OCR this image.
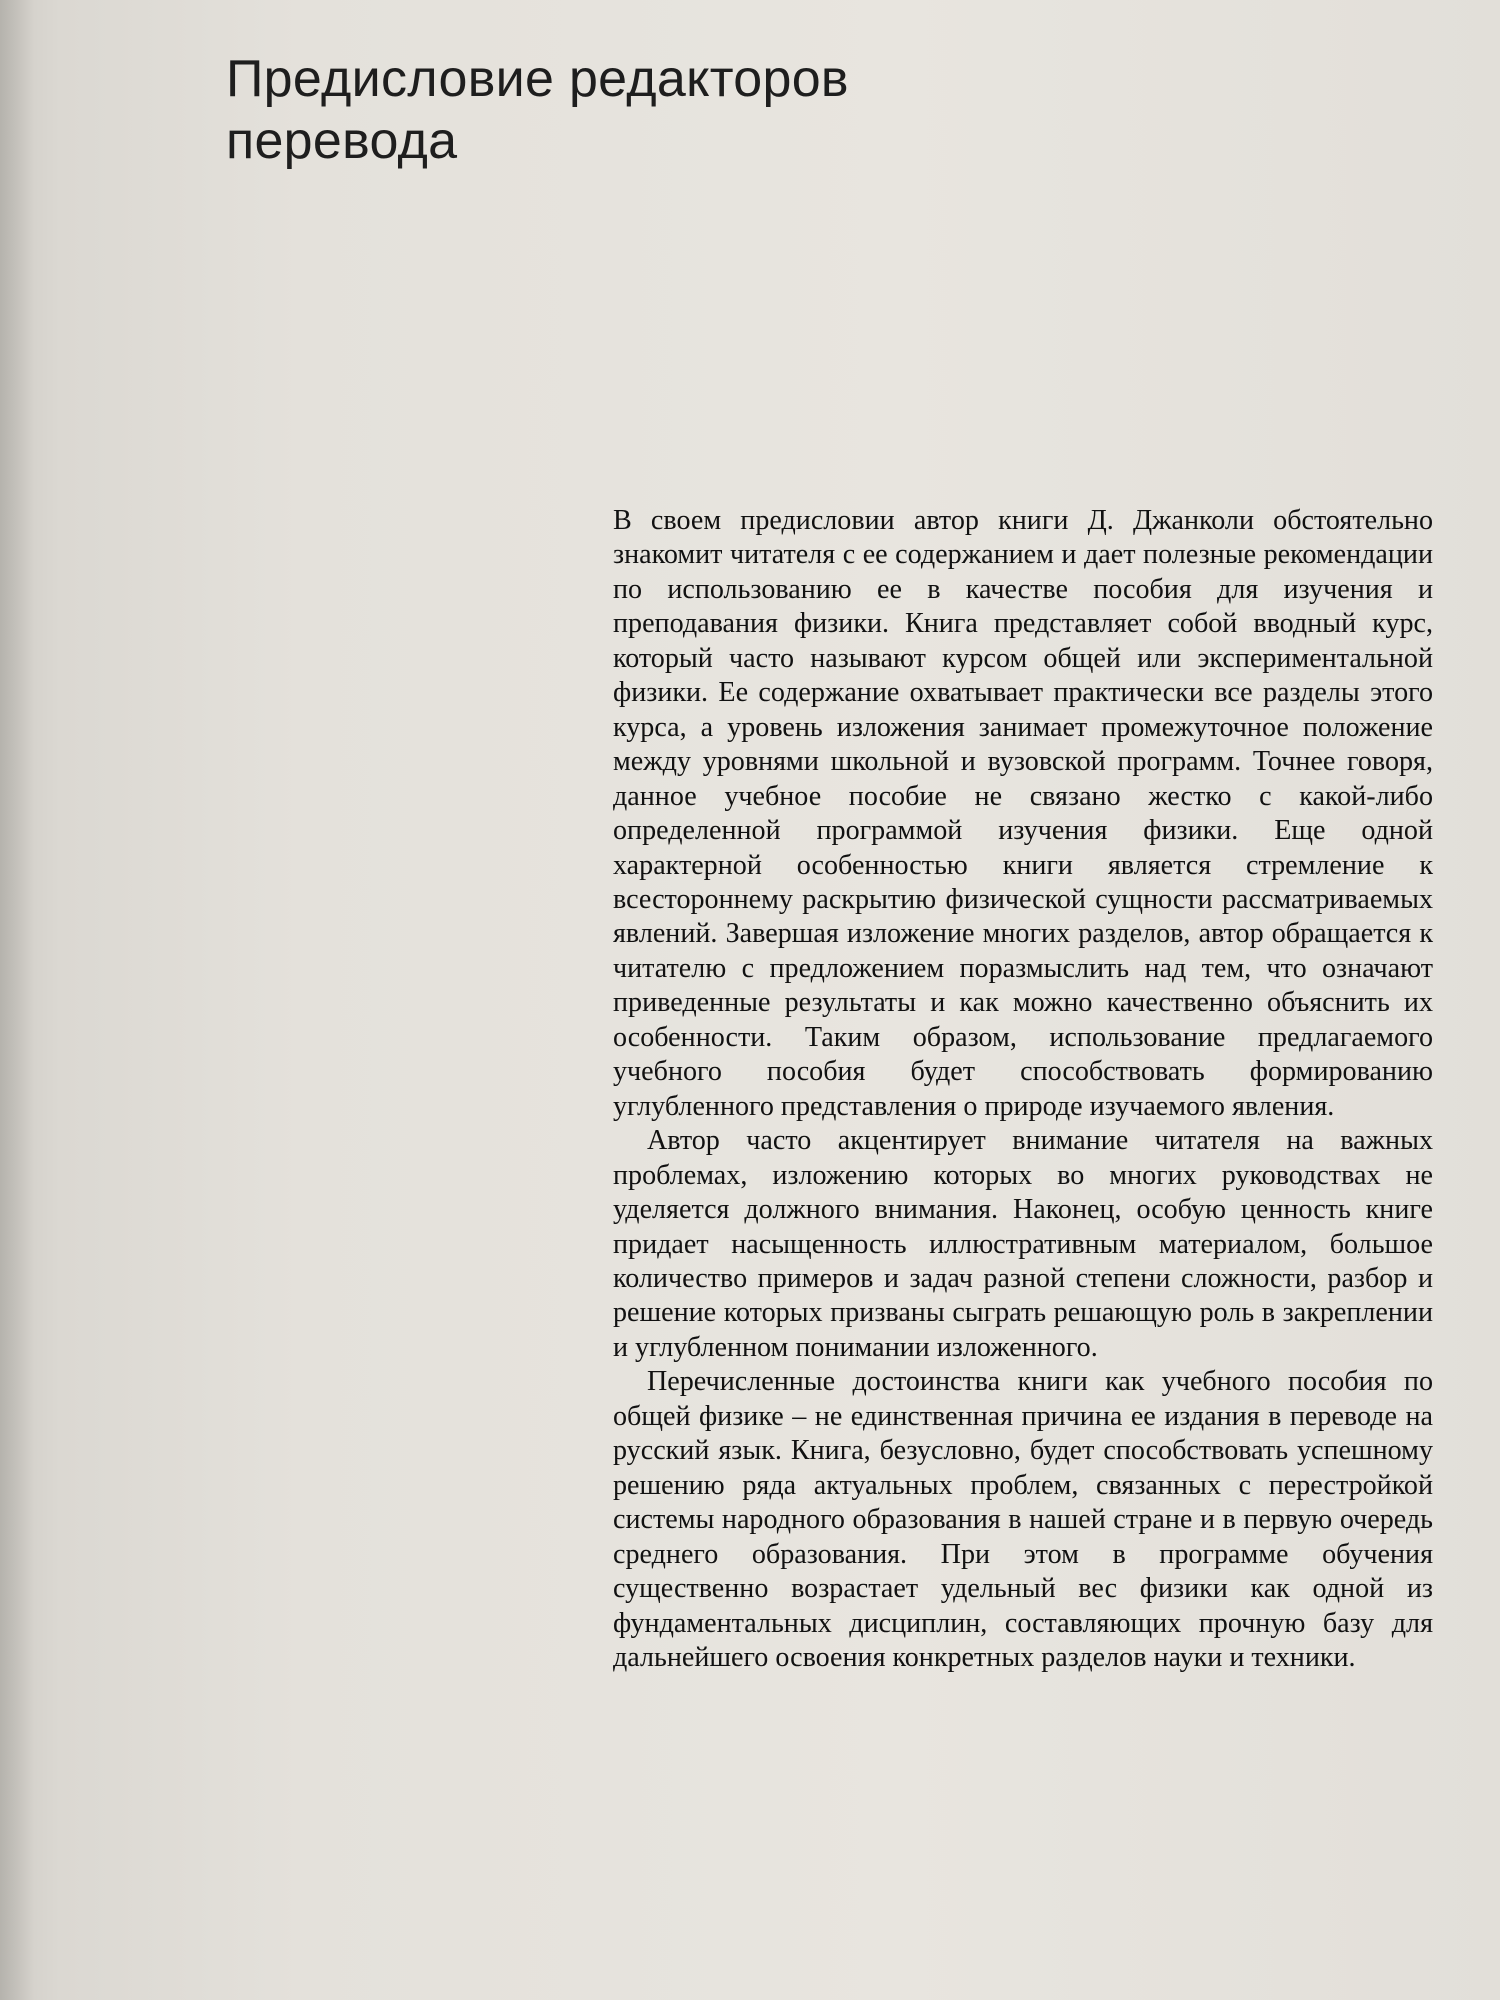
Предисловие редакторов
перевода

В своем предисловии автор книги Д. Джанколи обстоятельно знакомит читателя с ее содержанием и дает полезные рекомендации по использованию ее в качестве пособия для изучения и преподавания физики. Книга представляет собой вводный курс, который часто называют курсом общей или экспериментальной физики. Ее содержание охватывает практически все разделы этого курса, а уровень изложения занимает промежуточное положение между уровнями школьной и вузовской программ. Точнее говоря, данное учебное пособие не связано жестко с какой-либо определенной программой изучения физики. Еще одной характерной особенностью книги является стремление к всестороннему раскрытию физической сущности рассматриваемых явлений. Завершая изложение многих разделов, автор обращается к читателю с предложением поразмыслить над тем, что означают приведенные результаты и как можно качественно объяснить их особенности. Таким образом, использование предлагаемого учебного пособия будет способствовать формированию углубленного представления о природе изучаемого явления.

Автор часто акцентирует внимание читателя на важных проблемах, изложению которых во многих руководствах не уделяется должного внимания. Наконец, особую ценность книге придает насыщенность иллюстративным материалом, большое количество примеров и задач разной степени сложности, разбор и решение которых призваны сыграть решающую роль в закреплении и углубленном понимании изложенного.

Перечисленные достоинства книги как учебного пособия по общей физике – не единственная причина ее издания в переводе на русский язык. Книга, безусловно, будет способствовать успешному решению ряда актуальных проблем, связанных с перестройкой системы народного образования в нашей стране и в первую очередь среднего образования. При этом в программе обучения существенно возрастает удельный вес физики как одной из фундаментальных дисциплин, составляющих прочную базу для дальнейшего освоения конкретных разделов науки и техники.
